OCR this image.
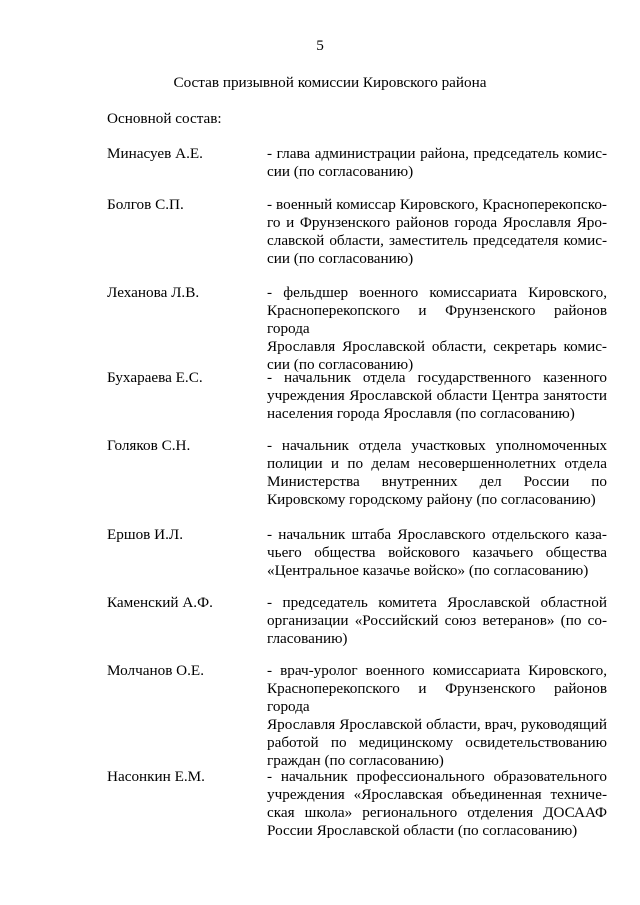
5
Состав призывной комиссии Кировского района
Основной состав:
Минасуев А.Е.	- глава администрации района, председатель комис-
сии (по согласованию)

Болгов С.П.	- военный комиссар Кировского, Красноперекопско-
го и Фрунзенского районов города Ярославля Яро-
славской области, заместитель председателя комис-
сии (по согласованию)

Леханова Л.В.	- фельдшер военного комиссариата Кировского,
Красноперекопского и Фрунзенского районов города
Ярославля Ярославской области, секретарь комис-
сии (по согласованию)

Бухараева Е.С.	- начальник отдела государственного казенного
учреждения Ярославской области Центра занятости
населения города Ярославля (по согласованию)

Голяков С.Н.	- начальник отдела участковых уполномоченных
полиции и по делам несовершеннолетних отдела
Министерства внутренних дел России по
Кировскому городскому району (по согласованию)

Ершов И.Л.	- начальник штаба Ярославского отдельского каза-
чьего общества войскового казачьего общества
«Центральное казачье войско» (по согласованию)

Каменский А.Ф.	- председатель комитета Ярославской областной
организации «Российский союз ветеранов» (по со-
гласованию)

Молчанов О.Е.	- врач-уролог военного комиссариата Кировского,
Красноперекопского и Фрунзенского районов города
Ярославля Ярославской области, врач, руководящий
работой по медицинскому освидетельствованию
граждан (по согласованию)

Насонкин Е.М.	- начальник профессионального образовательного
учреждения «Ярославская объединенная техниче-
ская школа» регионального отделения ДОСААФ
России Ярославской области (по согласованию)
